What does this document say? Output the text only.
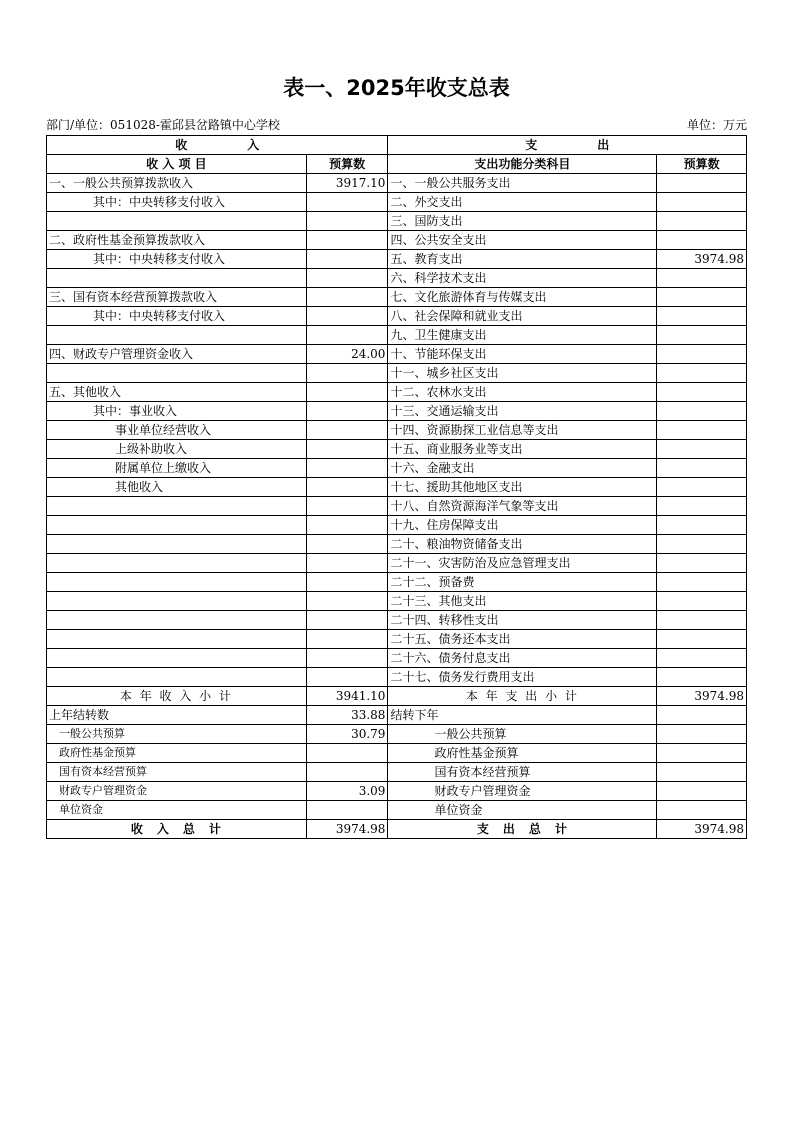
表一、2025年收支总表
部门/单位：051028-霍邱县岔路镇中心学校	单位：万元
收　　　　　入		支　　　　　出	
收 入 项 目	预算数	支出功能分类科目	预算数
一、一般公共预算拨款收入	3917.10	一、一般公共服务支出	
其中：中央转移支付收入		二、外交支出	
		三、国防支出	
二、政府性基金预算拨款收入		四、公共安全支出	
其中：中央转移支付收入		五、教育支出	3974.98
		六、科学技术支出	
三、国有资本经营预算拨款收入		七、文化旅游体育与传媒支出	
其中：中央转移支付收入		八、社会保障和就业支出	
		九、卫生健康支出	
四、财政专户管理资金收入	24.00	十、节能环保支出	
		十一、城乡社区支出	
五、其他收入		十二、农林水支出	
其中：事业收入		十三、交通运输支出	
事业单位经营收入		十四、资源勘探工业信息等支出	
上级补助收入		十五、商业服务业等支出	
附属单位上缴收入		十六、金融支出	
其他收入		十七、援助其他地区支出	
		十八、自然资源海洋气象等支出	
		十九、住房保障支出	
		二十、粮油物资储备支出	
		二十一、灾害防治及应急管理支出	
		二十二、预备费	
		二十三、其他支出	
		二十四、转移性支出	
		二十五、债务还本支出	
		二十六、债务付息支出	
		二十七、债务发行费用支出	
本 年 收 入 小 计	3941.10	本 年 支 出 小 计	3974.98
上年结转数	33.88	结转下年	
一般公共预算	30.79	一般公共预算	
政府性基金预算		政府性基金预算	
国有资本经营预算		国有资本经营预算	
财政专户管理资金	3.09	财政专户管理资金	
单位资金		单位资金	
收　入　总　计	3974.98	支　出　总　计	3974.98
